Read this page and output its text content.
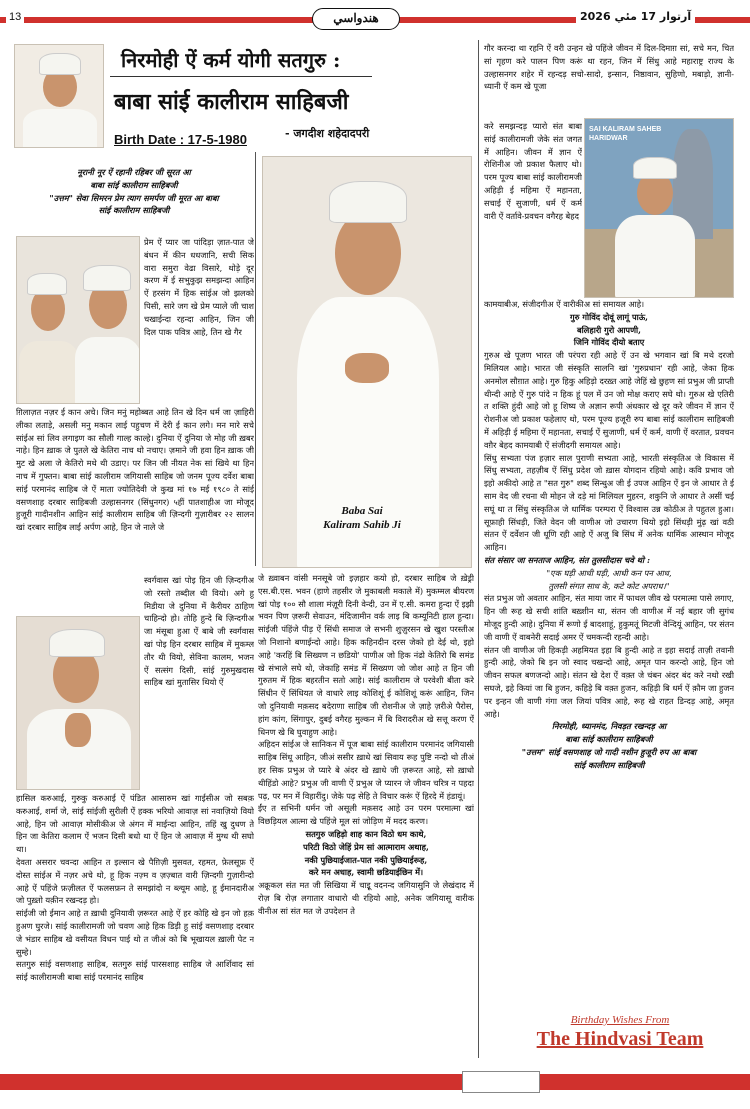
13	هندواسي	آرتوار 17 مئي 2026
निरमोही ऐं कर्म योगी सतगुरु :
बाबा सांई कालीराम साहिबजी
- जगदीश शहेदादपरी
Birth Date : 17-5-1980

नूरानी नूर ऐं रहानी रहिबर जी सूरत आ

बाबा सांई कालीराम साहिबजी

"उत्तम" सेवा सिमरन प्रेम त्याग समर्पण जी मूरत आ बाबा

सांई कालीराम साहिबजी

प्रेम ऐं प्यार जा पांदिड़ा ज़ात-पात जे बंधन में कीन धधजानि, सची सिक वारा समुरा वेढा विसारे, थोड़े दूर करण में ई सभुकुझ समझन्दा आहिन ऐं हरसंग में हिक सांईअ जो झलको पिसी, सारे जग खे प्रेम प्याले जी चाश चखाईन्दा रहन्दा आहिन, जिन जी दिल पाक पवित्र आहे, तिन खे गैर

ग़िलाज़त नज़र ई कान अचे। जिन मनुं महोब्बत आहे तिन खे दिन धर्म जा ज़ाहिरी लीका लताड़े, असली मनु मकान लाई पहुचण में देरी ई कान लगे। मन मारे सचे सांईअ सां लिव लगाइण का सौली गाल्ह काल्हे। दुनिया ऐं दुनिया जे मोह जी ख़बर नाहे। हिन ख़ाक जे पुतले खे केतिरा नाच थो नचाए। ज़माने जी हवा हिन ख़ाक जी मुट खे अला जे केतिरो मथे थी उडाए। पर जिन जी नीयत नेक सां खिये था हिन नाच में गुफ्तन। बाबा सांई कालीराम जगियासी साहिब जो जनम पूज्य दर्वेश बाबा सांई परमानंद साहिब जे ऐं माता ज्योतिदेवी जे कुख मां १७ मई १९८० ते सांई वसणशाह दरबार साहिबजी उल्हासनगर (सिंधुनगर) ५हीं पातशाहीअ जा मोजूद हुजूरी गादीनशीन आहिन सांई कालीराम साहिब जी ज़िन्दगी गुज़ारीबर २२ सालन खां दरबार साहिब लाई अर्पण आहे, हिन जे नाले जे

Baba Sai
Kaliram Sahib Ji

स्वर्गवास खां पोइ हिन जी ज़िन्दगीअ जो रस्तो तब्दील थी वियो। अगे हु मिडीया जे दुनिया में कैरीयर ठाहिण चाहिन्दो हो। तोहि हुन्दे बि ज़िन्दगीअ जा मंसूबा हुआ ऐं बाबे जी स्वर्गवास खां पोइ हिन दरबार साहिब में मुकम्ल तौर थी वियो, सेविना कालम, भजन ऐं सत्संग दिसी, सांई गुरुमुखदास साहिब खां मुतासिर थियो ऐं

हासिल करुआई, गुरुकु करुआई ऐं पंडित आसारुम खां गाईसीअ जो सबक़ करुआई, शर्मा जे, सांई सांईजी सुरीली ऐं हक्क भरियो आवाज़ सां नवाज़ियो वियो आहे, हिन जो आवाज़ मोसीकीअ जे अंगन में माईन्दा आहिन, तहिं खु दुधण ते हिन जा केतिरा कलाम ऐं भजन दिसी बधो था ऐं हिन जे आवाज़ में मुग्ध थी सघो था।

देवता असरार चवन्दा आहिन त इल्सान खे पैग़िज़ी मुसवत, रहमत, फ़ेलसूफ़ ऐं दोस्त सांईअ में नज़र अचे थो, हू हिक नज़्म व ज़ज़्बात वारी ज़िन्दगी गुज़ारीन्दो आहे ऐं पहिंजे फ़ज़ीलत ऐं फलसफ़न ते समझांदो न ब्ल्यूम आहे, हू ईमानदारीअ जो पुख़्तो यक़ीन रखन्दड़ हो।

सांईजी जो ईमान आहे त ख़ाधी दुनियावी ज़रूरत आहे ऐं हर कोहि खे इन जो हक़ हुअण घुरजे। सांई कालीरामजी जो चवण आहे हिक डिड़ी हु सांई वसणशाह दरबार जे भंडार साहिब खे वसीयत विधन पाई थो त जीअं को बि भूखायल ख़ाली पेट न सुम्हे।

सतगुरु सांई वसणशाह साहिब, सतगुरु सांई पारसशाह साहिब जे आर्शिवाद सां सांई कालीरामजी बाबा सांई परमानंद साहिब

जे ख़्वाबन वांसी मनसूबे जो इज़हार कयो हो, दरबार साहिब जे ख़ेड्री एस.बी.एस. भवन (हाणे तहसीर जे मुकाबली मकाले में) मुकम्मल बीयरण खां पोइ १०० सौ शाला मंज़ूरी दिनी वेन्दी, उन में ए.सी. कमरा हुन्दा ऐं इझी भवन पिण ज़रूरी सेवाउन, मंदिजामीन वर्क लाइ बि कम्यूनिटी हाल हुन्दा। सांईजी पंहिंजे पीड़ ऐं सिंधी समाज जे सभनी शुज़ुरसन खे खुश परस्तीअ जो निशानो बणाईन्दो आहे। हिक कहिनदीन दरस जेको हो देई थो, इहो आहे 'करहिं बि सिख्यण न छडियो' पाणीअ जो हिक नंढो केतिरो बि समंड खे संभाले सघे थो, जेकाहि समंड में सिख्यण जो जोश आहे त हिन जी गुरुतम में हिक बहरतीन सतो आहे। सांई कालीराम जे परवेशी बीता करे सिंधीन ऐं सिंधियत जे वाधारे लाइ कोशिशूं ई कोशिशूं करूं आहिन, जिन जो दुनियावी मक़सद बदेराणा साहिब जी रोशनीअ जे ज़ाहे ज़रीअे पैरोस, हांग कांग, सिंगापुर, दुबई वगैरह मुल्कन में बि विरादरीअ खे सत्तू करण ऐं धिनण खे बि घुवाहुण आहे।

अहिदन सांईअ जे सानिकन में पूज बाबा सांई कालीराम परमानंद जगियासी साहिब सिंधू आहिन, जीअं ससीर ख़ाधे खां सिवाय रूह पुष्टि नन्दो थो तीअं हर सिक प्रभुअ जे प्यारे बे अंदर खे ख़ाधे जी ज़रूरत आहे, सो ख़ाधो थीहिंडो आहे? प्रभुअ जी वाणी ऐं प्रभुअ जे प्यारन जे जीवन चरित्र न पहदा पढ़, पर मन में विहारींदु। जेके पढ़ सेहि ते विचार करूं ऐं हिरदे में हंडायूं।

ईंए त सभिनी धर्मन जो असूली मक़सद आहे उन परम परमात्मा खां विछड़ियल आत्मा खे पहिंजे मूल सां जोड़िण में मदद करण।

सतगुरु जहिड़ो शाह कान विठो धम काथे,

परिटी विठो जेहिं प्रेम सां आत्माराम अथाह,

नकी पुछियाईजात-पात नकी पुछियाईरूह,

करे मन अधाह, स्वामी छडियाईछिन में।

अक्रूकल संत मत जी सिखिया में चाइू वदनन्द जगियासुनि जे लेखंदाद में रोज़ बि रोज़ लगातार वाधारो थी रहियो आहे, अनेक जगियासू वारीक वीनीअ सां संत मत जे उपदेशन ते

गौर करन्दा था रहनि ऐं वरी उन्हन खे पहिंजे जीवन में दिल-दिमाग़ सां, सचे मन, चित सां गृहण करे पालन पिण करूं था रहन, जिन में सिंधु आहे महाराष्ट्र राज्य के उल्हासनगर शहेर में रहन्दड़ सचो-सादो, इन्सान, निष्ठावान, सुहिणो, मबाड़ो, ज्ञानी-ध्यानी ऐं कम खे पूजा

करे समझन्दड़ प्यारो संत बाबा सांई कालीरामजी जेके संत जगत में आहिन। जीवन में ज्ञान ऐं रोशिनीअ जो प्रकाश फैलाए थो। परम पूज्य बाबा सांई कालीरामजी अहिड़ी ई महिमा ऐं महानता, सचाई ऐं सुजाणी, धर्म ऐं कर्म वारी ऐं वर्तावे-प्रवचन वगैरह बेहद

SAI KALIRAM SAHEB
HARIDWAR

कामयाबीअ, संजीदगीअ ऐं वारीकीअ सां समायल आहे।

गुरु गोविंद दोवूं लागूं पाऊं,

बलिहारी गुरो आपणी,

जिनि गोविंद दीयो बताए

गुरुअ खे पूजण भारत जी परंपरा रही आहे ऐं उन खे भगवान खां बि मथे दरजो मिलियल आहे। भारत जी संस्कृति सालनि खां 'गुरुप्रधान' रही आहे, जेका हिक अनमोल सौग़ात आहे। गुरु हिकु अहिड़ो दरख़्त आहे जेहिं खे छुहण सां प्रभुअ जी प्राप्ती थीन्दी आहे ऐं गुरु पांदे न हिक हूं पल में उन जो मोक्ष कराए सघे थो। गुरुअ खे एतिरी त शक्ति हुंदी आहे जो हू शिष्य जे अज्ञान रूपी अंधकार खे दूर करे जीवन में ज्ञान ऐं रोशनीअ जो प्रकाश फहेलाए थो, परम पूज्य हजूरी रुप बाबा सांई कालीराम साहिबजी में अहिड़ी ई महिमा ऐं महानता, सचाई ऐं सुजाणी, धर्म ऐं कर्म, वाणी ऐं वरतात, प्रवचन वग़ैर बेहद कामयाबी ऐं संजीदगी समायल आहे।

सिंधु सभ्यता पंज हज़ार साल पुराणी सभ्यता आहे, भारती संस्कृतिअ जे विकास में सिंधु सभ्यता, तहज़ीब ऐं सिंधु प्रदेश जो ख़ास योगदान रहियो आहे। कवि प्रभाव जो इहो अकीदो आहे त "सत गुरु" शब्द सिन्धुअ जी ई उपज आहिन ऐं इन जे आधार ते ई साम वेद जी रचना थी मोहन जे दड़े मां मिलियल मुहरन, शकुनि जे आधार ते असीं चई सघूं था त सिंधु संस्कृतिअ जे धार्मिक परम्परा ऐं विश्वास उन्न कोठीअ ते पहुतल हुआ। सूफ़ाही सिंधड़ी, जिते वेदन जी वाणीअ जो उचारण थियो इहो सिंधड़ी मुंढ़ खां वठी संतन ऐं दर्वेशन जी धूणि रही आहे ऐं अजु बि सिंध में अनेक धार्मिक आस्थान मोजूद आहिन।

संत संसार जा सनताज आहिन, संत तुलसीदास चवे थो :

"एक घड़ी आधी घड़ी, आधी कन पन आध,

तुलसी संगत साध के, कटे कोट अपराध।"

संत प्रभुअ जो अवतार आहिन, संत माया जार में फाथल जीव खे परमात्मा पासे लगाए, हिन जी रूह खे सची शांति बख़्शीन था, संतन जी वाणीअ में नई बहार जी सुगंध मोजूद हुन्दी आहे। दुनिया में रूणो ई बादशाहूं, हुकुमतूं मिटजी वेन्दियूं आहिन, पर संतन जी वाणी ऐं वाबनेरी सदाई अमर ऐं चमकन्दी रहन्दी आहे।

संतन जी वाणीअ जी हिकड़ी अहमियत इहा बि हुन्दी आहे त इहा सदाई ताज़ी तवानी हुन्दी आहे, जेको बि इन जो स्वाद चखन्दो आहे, अमृत पान करन्दो आहे, हिन जो जीवन सफल बणजन्दो आहे। संतन खे देश ऐं वक़्त जे चंबन अंदर बंद करे नथो रखी सघजे, इहे कियां जा बि हुजन, कहिड़े बि वक़्त हुजन, कहिड़ी बि धर्म ऐं क़ौम जा हुजन पर इन्हन जी वाणी गंगा जल जियां पवित्र आहे, रूह खे राहत डिन्दड़ आहे, अमृत आहे।

निरमोही, ध्यानमंद, निवड़त रखन्दड़ आ

बाबा सांई कालीराम साहिबजी

"उत्तम" सांई वसणशाह जो गादी नशीन हुजूरी रुप आ बाबा

सांई कालीराम साहिबजी

Birthday Wishes From
The Hindvasi Team
